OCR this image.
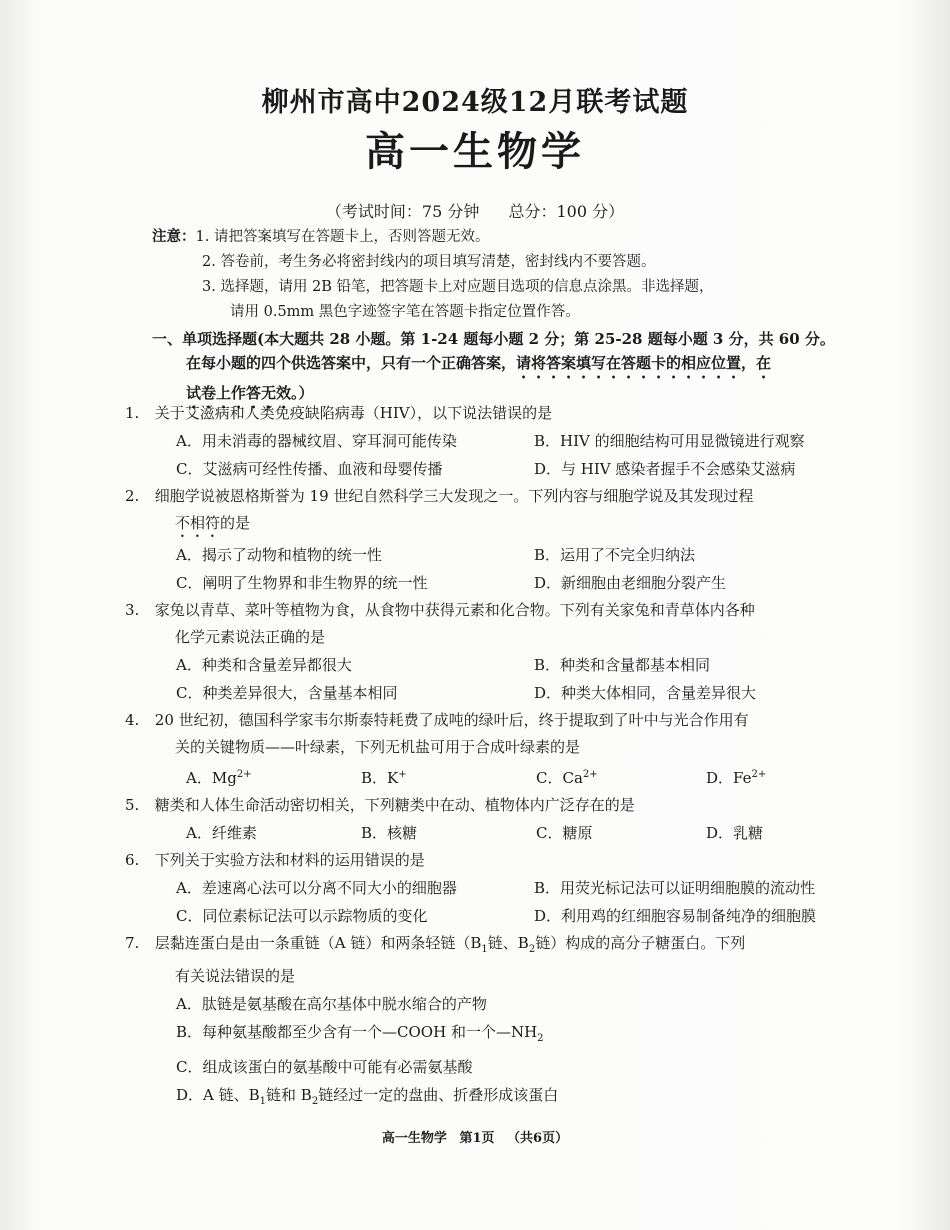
柳州市高中2024级12月联考试题
高一生物学
（考试时间：75 分钟 总分：100 分）
注意：1. 请把答案填写在答题卡上，否则答题无效。
2. 答卷前，考生务必将密封线内的项目填写清楚，密封线内不要答题。
3. 选择题，请用 2B 铅笔，把答题卡上对应题目选项的信息点涂黑。非选择题，
请用 0.5mm 黑色字迹签字笔在答题卡指定位置作答。
一、单项选择题(本大题共 28 小题。第 1-24 题每小题 2 分；第 25-28 题每小题 3 分，共 60 分。
在每小题的四个供选答案中，只有一个正确答案，请将答案填写在答题卡的相应位置，在
试卷上作答无效。）
1. 关于艾滋病和人类免疫缺陷病毒（HIV），以下说法错误的是
A．用未消毒的器械纹眉、穿耳洞可能传染	B．HIV 的细胞结构可用显微镜进行观察
C．艾滋病可经性传播、血液和母婴传播	D．与 HIV 感染者握手不会感染艾滋病
2. 细胞学说被恩格斯誉为 19 世纪自然科学三大发现之一。下列内容与细胞学说及其发现过程
不相符的是
A．揭示了动物和植物的统一性	B．运用了不完全归纳法
C．阐明了生物界和非生物界的统一性	D．新细胞由老细胞分裂产生
3. 家兔以青草、菜叶等植物为食，从食物中获得元素和化合物。下列有关家兔和青草体内各种
化学元素说法正确的是
A．种类和含量差异都很大	B．种类和含量都基本相同
C．种类差异很大，含量基本相同	D．种类大体相同，含量差异很大
4. 20 世纪初，德国科学家韦尔斯泰特耗费了成吨的绿叶后，终于提取到了叶中与光合作用有
关的关键物质——叶绿素，下列无机盐可用于合成叶绿素的是
A．$Mg^{2+}$	B．K+	C．$Ca^{2+}$	D．$Fe^{2+}$
5. 糖类和人体生命活动密切相关，下列糖类中在动、植物体内广泛存在的是
A．纤维素	B．核糖	C．糖原	D．乳糖
6. 下列关于实验方法和材料的运用错误的是
A．差速离心法可以分离不同大小的细胞器	B．用荧光标记法可以证明细胞膜的流动性
C．同位素标记法可以示踪物质的变化	D．利用鸡的红细胞容易制备纯净的细胞膜
7. 层黏连蛋白是由一条重链（A 链）和两条轻链（$B_1$链、$B_2$链）构成的高分子糖蛋白。下列
有关说法错误的是
A．肽链是氨基酸在高尔基体中脱水缩合的产物
B．每种氨基酸都至少含有一个—COOH 和一个$—NH_2$
C．组成该蛋白的氨基酸中可能有必需氨基酸
D．A 链、$B_1$链和 $B_2$链经过一定的盘曲、折叠形成该蛋白
高一生物学 第1页 （共6页）
